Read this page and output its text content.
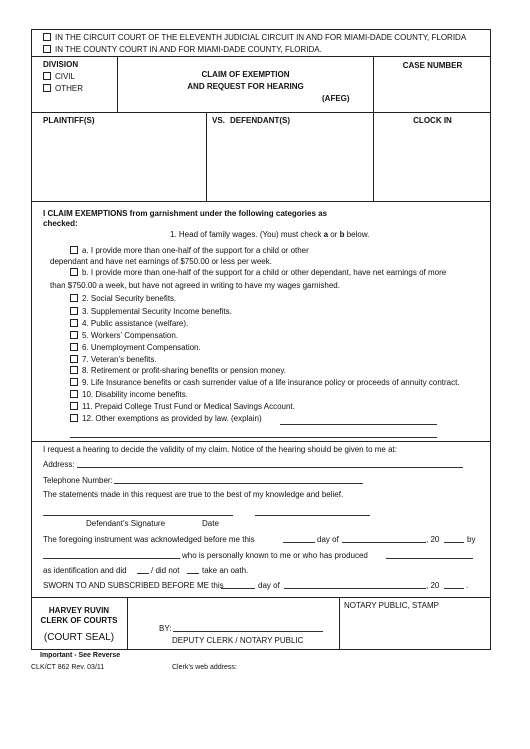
IN THE CIRCUIT COURT OF THE ELEVENTH JUDICIAL CIRCUIT IN AND FOR MIAMI-DADE COUNTY, FLORIDA
IN THE COUNTY COURT IN AND FOR MIAMI-DADE COUNTY, FLORIDA.
DIVISION
CIVIL
OTHER
CLAIM OF EXEMPTION
AND REQUEST FOR HEARING
(AFEG)
CASE NUMBER
PLAINTIFF(S)	VS. DEFENDANT(S)	CLOCK IN
I CLAIM EXEMPTIONS from garnishment under the following categories as
checked:
1. Head of family wages. (You) must check a or b below.
a. I provide more than one-half of the support for a child or other
dependant and have net earnings of $750.00 or less per week.
b. I provide more than one-half of the support for a child or other dependant, have net earnings of more
than $750.00 a week, but have not agreed in writing to have my wages garnished.
2. Social Security benefits.
3. Supplemental Security Income benefits.
4. Public assistance (welfare).
5. Workers’ Compensation.
6. Unemployment Compensation.
7. Veteran’s benefits.
8. Retirement or profit-sharing benefits or pension money.
9. Life Insurance benefits or cash surrender value of a life insurance policy or proceeds of annuity contract.
10. Disability income benefits.
11. Prepaid College Trust Fund or Medical Savings Account.
12. Other exemptions as provided by law. (explain)
I request a hearing to decide the validity of my claim. Notice of the hearing should be given to me at:
Address:
Telephone Number:
The statements made in this request are true to the best of my knowledge and belief.
Defendant’s Signature	Date
The foregoing instrument was acknowledged before me this	day of	, 20	by
who is personally known to me or who has produced
as identification and did	/ did not	take an oath.
SWORN TO AND SUBSCRIBED BEFORE ME this	day of	, 20	.
HARVEY RUVIN
CLERK OF COURTS
(COURT SEAL)
BY:
DEPUTY CLERK / NOTARY PUBLIC
NOTARY PUBLIC, STAMP
Important - See Reverse
CLK/CT 862 Rev. 03/11	Clerk’s web address:
